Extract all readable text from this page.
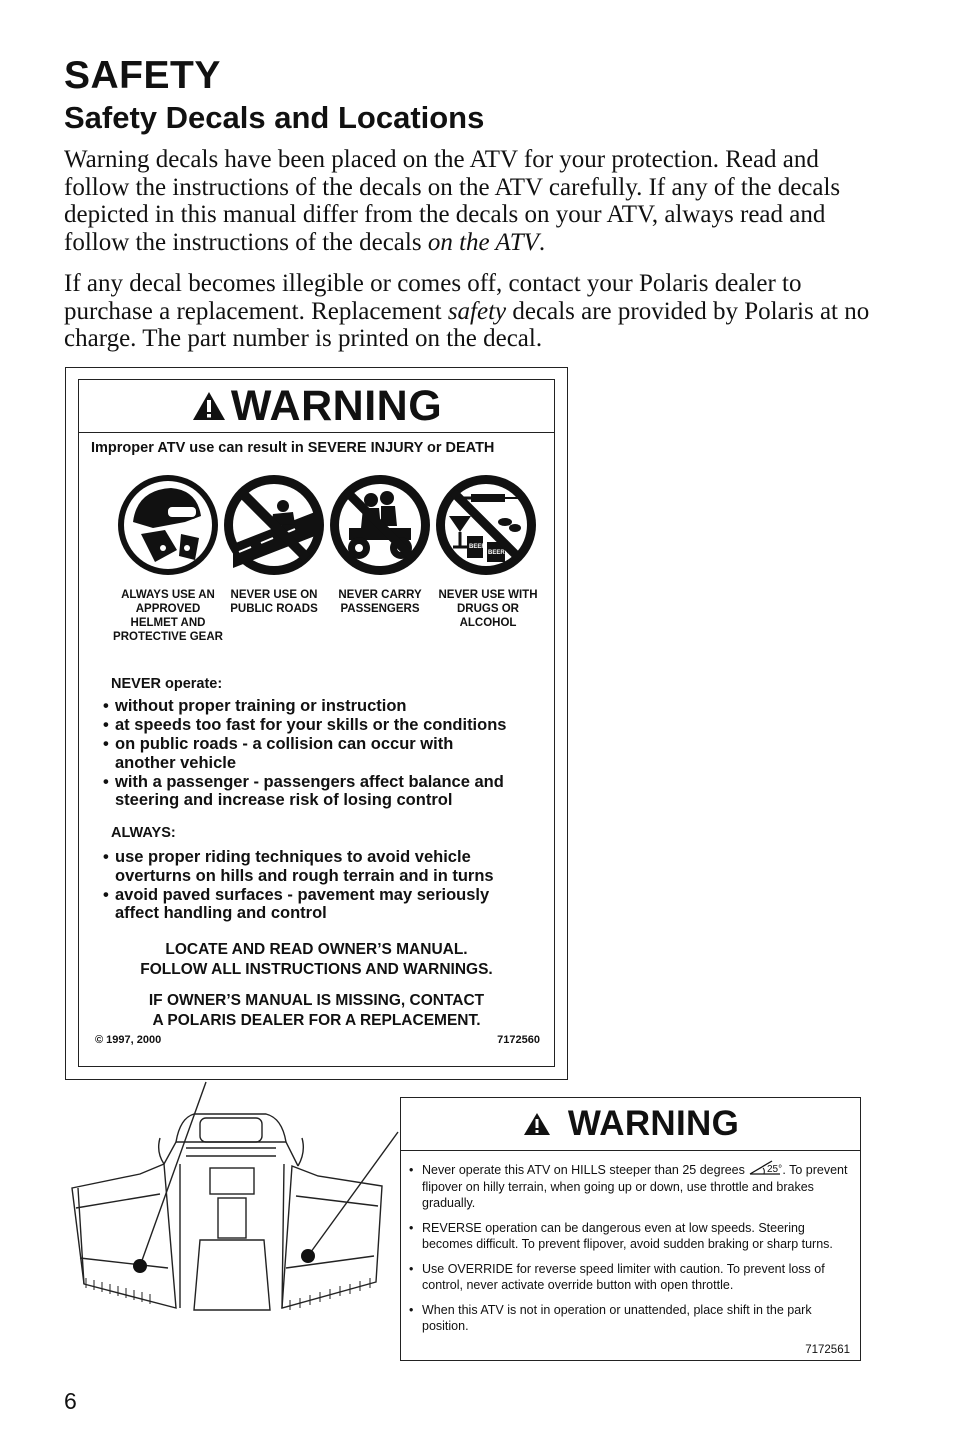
SAFETY
Safety Decals and Locations

Warning decals have been placed on the ATV for your protection. Read and follow the instructions of the decals on the ATV carefully. If any of the decals depicted in this manual differ from the decals on your ATV, always read and follow the instructions of the decals on the ATV.

If any decal becomes illegible or comes off, contact your Polaris dealer to purchase a replacement. Replacement safety decals are provided by Polaris at no charge. The part number is printed on the decal.

WARNING
Improper ATV use can result in SEVERE INJURY or DEATH
BEER
BEER
ALWAYS USE AN APPROVED HELMET AND PROTECTIVE GEAR
NEVER USE ON PUBLIC ROADS
NEVER CARRY PASSENGERS
NEVER USE WITH DRUGS OR ALCOHOL
NEVER operate:
• without proper training or instruction
• at speeds too fast for your skills or the conditions
• on public roads - a collision can occur with another vehicle
• with a passenger - passengers affect balance and steering and increase risk of losing control
ALWAYS:
• use proper riding techniques to avoid vehicle overturns on hills and rough terrain and in turns
• avoid paved surfaces - pavement may seriously affect handling and control
LOCATE AND READ OWNER’S MANUAL.
FOLLOW ALL INSTRUCTIONS AND WARNINGS.
IF OWNER’S MANUAL IS MISSING, CONTACT
A POLARIS DEALER FOR A REPLACEMENT.
© 1997, 2000	7172560
WARNING
• Never operate this ATV on HILLS steeper than 25 degrees 25° . To prevent flipover on hilly terrain, when going up or down, use throttle and brakes gradually.
• REVERSE operation can be dangerous even at low speeds. Steering becomes difficult. To prevent flipover, avoid sudden braking or sharp turns.
• Use OVERRIDE for reverse speed limiter with caution. To prevent loss of control, never activate override button with open throttle.
• When this ATV is not in operation or unattended, place shift in the park position.
7172561
6
